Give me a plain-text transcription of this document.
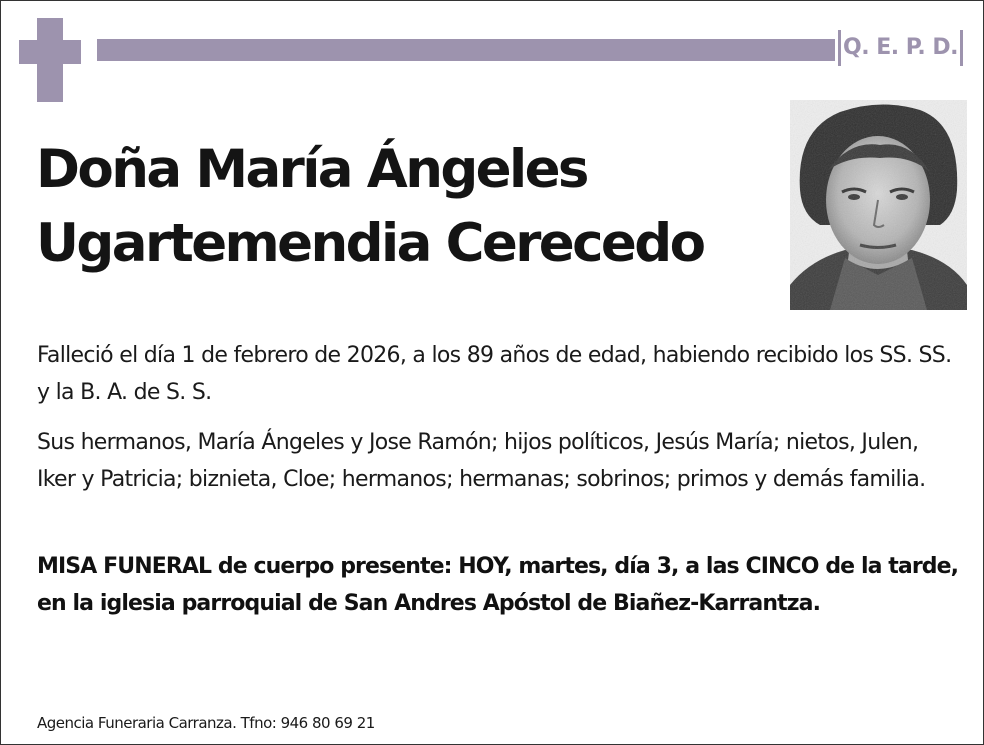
Q. E. P. D.
Doña María Ángeles
Ugartemendia Cerecedo

Falleció el día 1 de febrero de 2026, a los 89 años de edad, habiendo recibido los SS. SS. y la B. A. de S. S.

Sus hermanos, María Ángeles y Jose Ramón; hijos políticos, Jesús María; nietos, Julen, Iker y Patricia; biznieta, Cloe; hermanos; hermanas; sobrinos; primos y demás familia.

MISA FUNERAL de cuerpo presente: HOY, martes, día 3, a las CINCO de la tarde, en la iglesia parroquial de San Andres Apóstol de Biañez-Karrantza.

Agencia Funeraria Carranza. Tfno: 946 80 69 21
